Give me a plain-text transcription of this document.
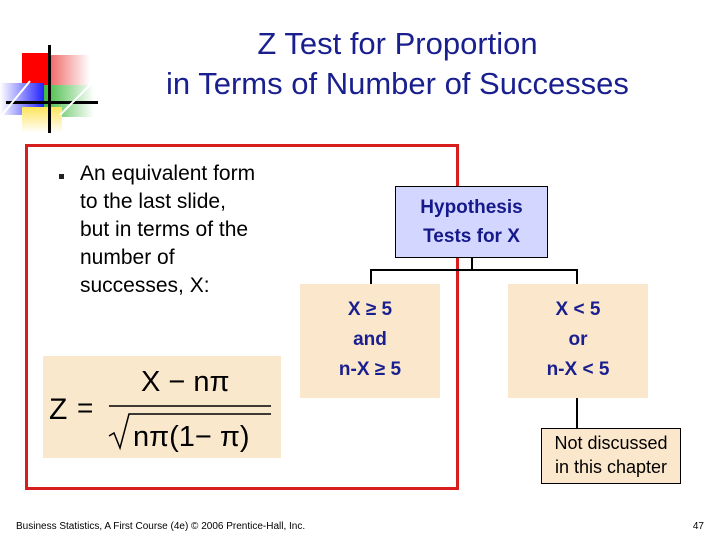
Z Test for Proportion
in Terms of Number of Successes
An equivalent form
to the last slide,
but in terms of the
number of
successes, X:
Z =
X − nπ
nπ(1− π)
Hypothesis
Tests for X
X ≥ 5
and
n-X ≥ 5
X < 5
or
n-X < 5
Not discussed
in this chapter
Business Statistics, A First Course (4e) © 2006 Prentice-Hall, Inc.	47
